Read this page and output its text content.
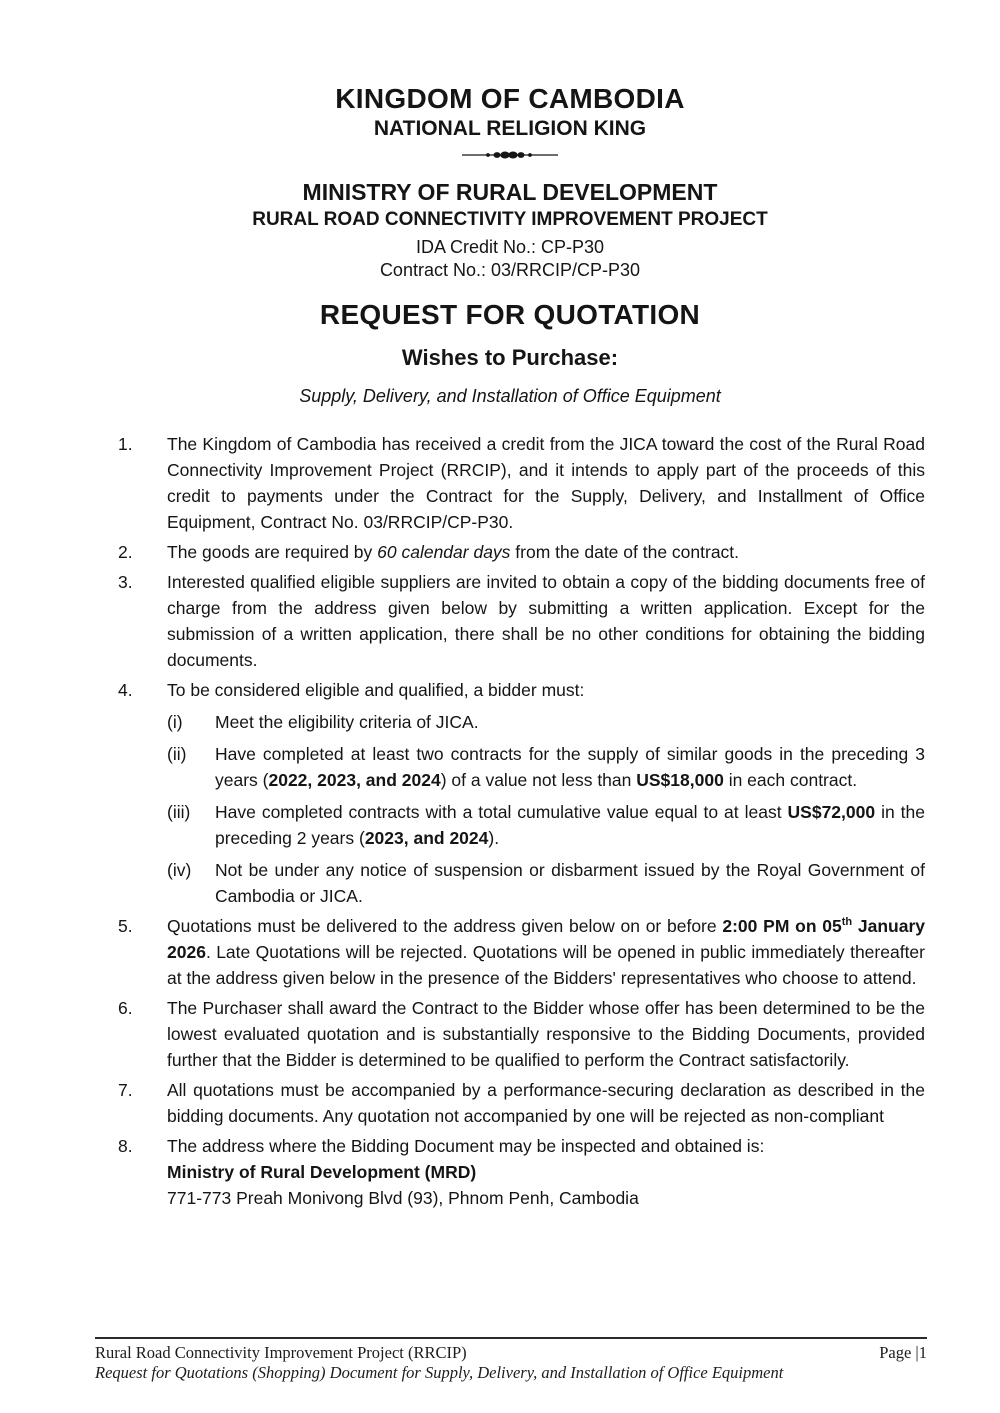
KINGDOM OF CAMBODIA
NATIONAL RELIGION KING
MINISTRY OF RURAL DEVELOPMENT
RURAL ROAD CONNECTIVITY IMPROVEMENT PROJECT
IDA Credit No.: CP-P30
Contract No.: 03/RRCIP/CP-P30
REQUEST FOR QUOTATION
Wishes to Purchase:
Supply, Delivery, and Installation of Office Equipment
1. The Kingdom of Cambodia has received a credit from the JICA toward the cost of the Rural Road Connectivity Improvement Project (RRCIP), and it intends to apply part of the proceeds of this credit to payments under the Contract for the Supply, Delivery, and Installment of Office Equipment, Contract No. 03/RRCIP/CP-P30.
2. The goods are required by 60 calendar days from the date of the contract.
3. Interested qualified eligible suppliers are invited to obtain a copy of the bidding documents free of charge from the address given below by submitting a written application. Except for the submission of a written application, there shall be no other conditions for obtaining the bidding documents.
4. To be considered eligible and qualified, a bidder must:
(i) Meet the eligibility criteria of JICA.
(ii) Have completed at least two contracts for the supply of similar goods in the preceding 3 years (2022, 2023, and 2024) of a value not less than US$18,000 in each contract.
(iii) Have completed contracts with a total cumulative value equal to at least US$72,000 in the preceding 2 years (2023, and 2024).
(iv) Not be under any notice of suspension or disbarment issued by the Royal Government of Cambodia or JICA.
5. Quotations must be delivered to the address given below on or before 2:00 PM on 05th January 2026. Late Quotations will be rejected. Quotations will be opened in public immediately thereafter at the address given below in the presence of the Bidders' representatives who choose to attend.
6. The Purchaser shall award the Contract to the Bidder whose offer has been determined to be the lowest evaluated quotation and is substantially responsive to the Bidding Documents, provided further that the Bidder is determined to be qualified to perform the Contract satisfactorily.
7. All quotations must be accompanied by a performance-securing declaration as described in the bidding documents. Any quotation not accompanied by one will be rejected as non-compliant
8. The address where the Bidding Document may be inspected and obtained is:
Ministry of Rural Development (MRD)
771-773 Preah Monivong Blvd (93), Phnom Penh, Cambodia
Rural Road Connectivity Improvement Project (RRCIP)	Page |1
Request for Quotations (Shopping) Document for Supply, Delivery, and Installation of Office Equipment
